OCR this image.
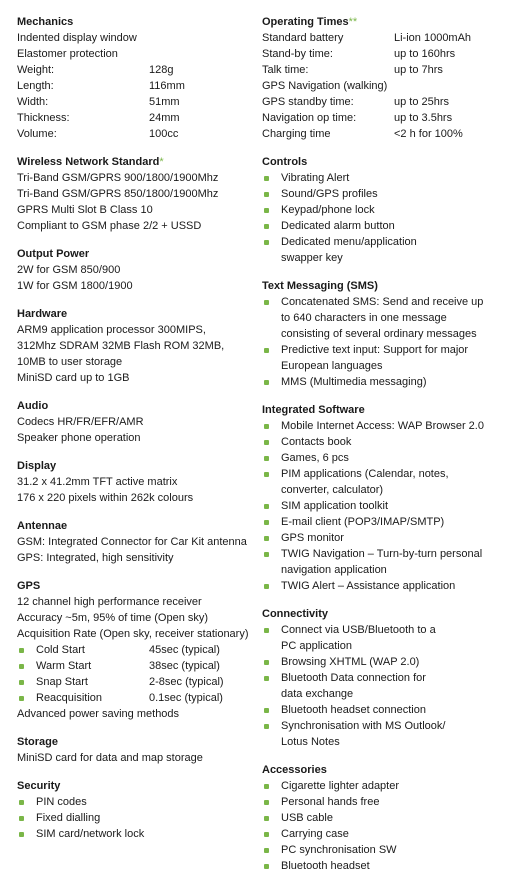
Mechanics
Indented display window
Elastomer protection
Weight:	128g
Length:	116mm
Width:	51mm
Thickness:	24mm
Volume:	100cc
Wireless Network Standard*
Tri-Band GSM/GPRS 900/1800/1900Mhz
Tri-Band GSM/GPRS 850/1800/1900Mhz
GPRS Multi Slot B Class 10
Compliant to GSM phase 2/2 + USSD
Output Power
2W for GSM 850/900
1W for GSM 1800/1900
Hardware
ARM9 application processor 300MIPS,
312Mhz SDRAM 32MB Flash ROM 32MB,
10MB to user storage
MiniSD card up to 1GB
Audio
Codecs HR/FR/EFR/AMR
Speaker phone operation
Display
31.2 x 41.2mm TFT active matrix
176 x 220 pixels within 262k colours
Antennae
GSM: Integrated Connector for Car Kit antenna
GPS: Integrated, high sensitivity
GPS
12 channel high performance receiver
Accuracy ~5m, 95% of time (Open sky)
Acquisition Rate (Open sky, receiver stationary)
Cold Start	45sec (typical)
Warm Start	38sec (typical)
Snap Start	2-8sec (typical)
Reacquisition	0.1sec (typical)
Advanced power saving methods
Storage
MiniSD card for data and map storage
Security
PIN codes
Fixed dialling
SIM card/network lock
Operating Times**
Standard battery	Li-ion 1000mAh
Stand-by time:	up to 160hrs
Talk time:	up to 7hrs
GPS Navigation (walking)
GPS standby time:	up to 25hrs
Navigation op time:	up to 3.5hrs
Charging time	<2 h for 100%
Controls
Vibrating Alert
Sound/GPS profiles
Keypad/phone lock
Dedicated alarm button
Dedicated menu/application
swapper key
Text Messaging (SMS)
Concatenated SMS: Send and receive up
to 640 characters in one message
consisting of several ordinary messages
Predictive text input: Support for major
European languages
MMS (Multimedia messaging)
Integrated Software
Mobile Internet Access: WAP Browser 2.0
Contacts book
Games, 6 pcs
PIM applications (Calendar, notes,
converter, calculator)
SIM application toolkit
E-mail client (POP3/IMAP/SMTP)
GPS monitor
TWIG Navigation – Turn-by-turn personal
navigation application
TWIG Alert – Assistance application
Connectivity
Connect via USB/Bluetooth to a
PC application
Browsing XHTML (WAP 2.0)
Bluetooth Data connection for
data exchange
Bluetooth headset connection
Synchronisation with MS Outlook/
Lotus Notes
Accessories
Cigarette lighter adapter
Personal hands free
USB cable
Carrying case
PC synchronisation SW
Bluetooth headset
